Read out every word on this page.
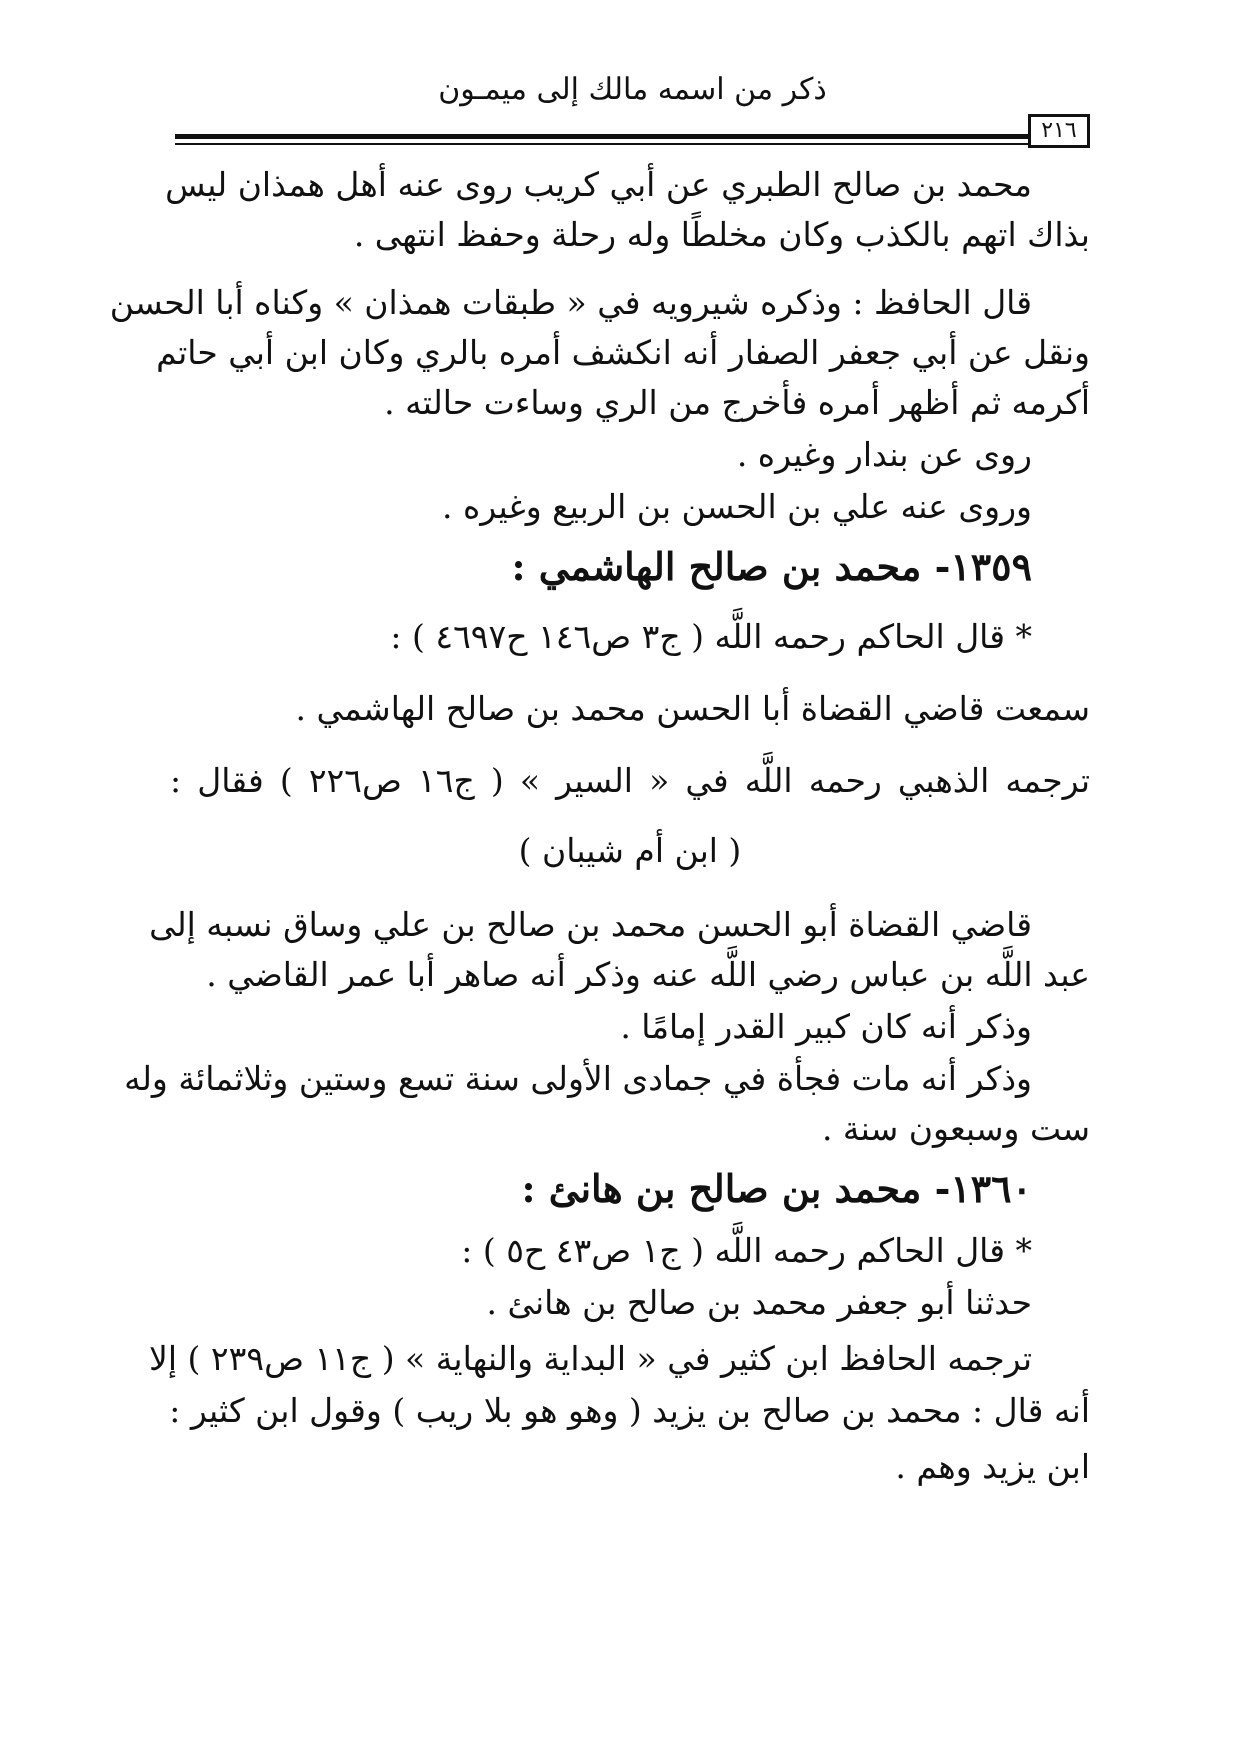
ذكر من اسمه مالك إلى ميمـون
٢١٦
محمد بن صالح الطبري عن أبي كريب روى عنه أهل همذان ليس
بذاك اتهم بالكذب وكان مخلطًا وله رحلة وحفظ انتهى .
قال الحافظ : وذكره شيرويه في « طبقات همذان » وكناه أبا الحسن
ونقل عن أبي جعفر الصفار أنه انكشف أمره بالري وكان ابن أبي حاتم
أكرمه ثم أظهر أمره فأخرج من الري وساءت حالته .
روى عن بندار وغيره .
وروى عنه علي بن الحسن بن الربيع وغيره .
١٣٥٩- محمد بن صالح الهاشمي :
* قال الحاكم رحمه اللَّه ( ج٣ ص١٤٦ ح٤٦٩٧ ) :
سمعت قاضي القضاة أبا الحسن محمد بن صالح الهاشمي .
ترجمه الذهبي رحمه اللَّه في « السير » ( ج١٦ ص٢٢٦ ) فقال :
( ابن أم شيبان )
قاضي القضاة أبو الحسن محمد بن صالح بن علي وساق نسبه إلى
عبد اللَّه بن عباس رضي اللَّه عنه وذكر أنه صاهر أبا عمر القاضي .
وذكر أنه كان كبير القدر إمامًا .
وذكر أنه مات فجأة في جمادى الأولى سنة تسع وستين وثلاثمائة وله
ست وسبعون سنة .
١٣٦٠- محمد بن صالح بن هانئ :
* قال الحاكم رحمه اللَّه ( ج١ ص٤٣ ح٥ ) :
حدثنا أبو جعفر محمد بن صالح بن هانئ .
ترجمه الحافظ ابن كثير في « البداية والنهاية » ( ج١١ ص٢٣٩ ) إلا
أنه قال : محمد بن صالح بن يزيد ( وهو هو بلا ريب ) وقول ابن كثير :
ابن يزيد وهم .
